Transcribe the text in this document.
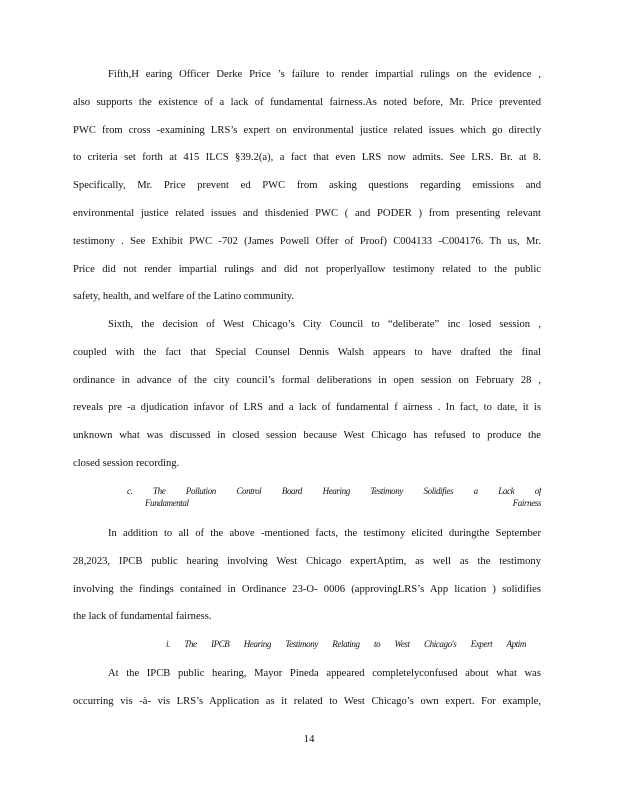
Fifth,H earing Officer Derke Price ’s failure to render impartial rulings on the evidence ,
also supports the existence of a lack of fundamental fairness.As noted before, Mr. Price prevented
PWC from cross -examining LRS’s expert on environmental justice related issues which go directly
to criteria set forth at 415 ILCS §39.2(a), a fact that even LRS now admits. See LRS. Br. at 8.
Specifically, Mr. Price prevent ed PWC from asking questions regarding emissions and
environmental justice related issues and thisdenied PWC ( and PODER ) from presenting relevant
testimony . See Exhibit PWC -702 (James Powell Offer of Proof) C004133 -C004176. Th us, Mr.
Price did not render impartial rulings and did not properlyallow testimony related to the public
safety, health, and welfare of the Latino community.
Sixth, the decision of West Chicago’s City Council to “deliberate” inc losed session ,
coupled with the fact that Special Counsel Dennis Walsh appears to have drafted the final
ordinance in advance of the city council’s formal deliberations in open session on February 28 ,
reveals pre -a djudication infavor of LRS and a lack of fundamental f airness . In fact, to date, it is
unknown what was discussed in closed session because West Chicago has refused to produce the
closed session recording.
c. The Pollution Control Board Hearing Testimony Solidifies a Lack of
Fundamental Fairness
In addition to all of the above -mentioned facts, the testimony elicited duringthe September
28,2023, IPCB public hearing involving West Chicago expertAptim, as well as the testimony
involving the findings contained in Ordinance 23-O- 0006 (approvingLRS’s App lication ) solidifies
the lack of fundamental fairness.
i. The IPCB Hearing Testimony Relating to West Chicago's Expert Aptim
At the IPCB public hearing, Mayor Pineda appeared completelyconfused about what was
occurring vis -à- vis LRS’s Application as it related to West Chicago’s own expert. For example,
14
